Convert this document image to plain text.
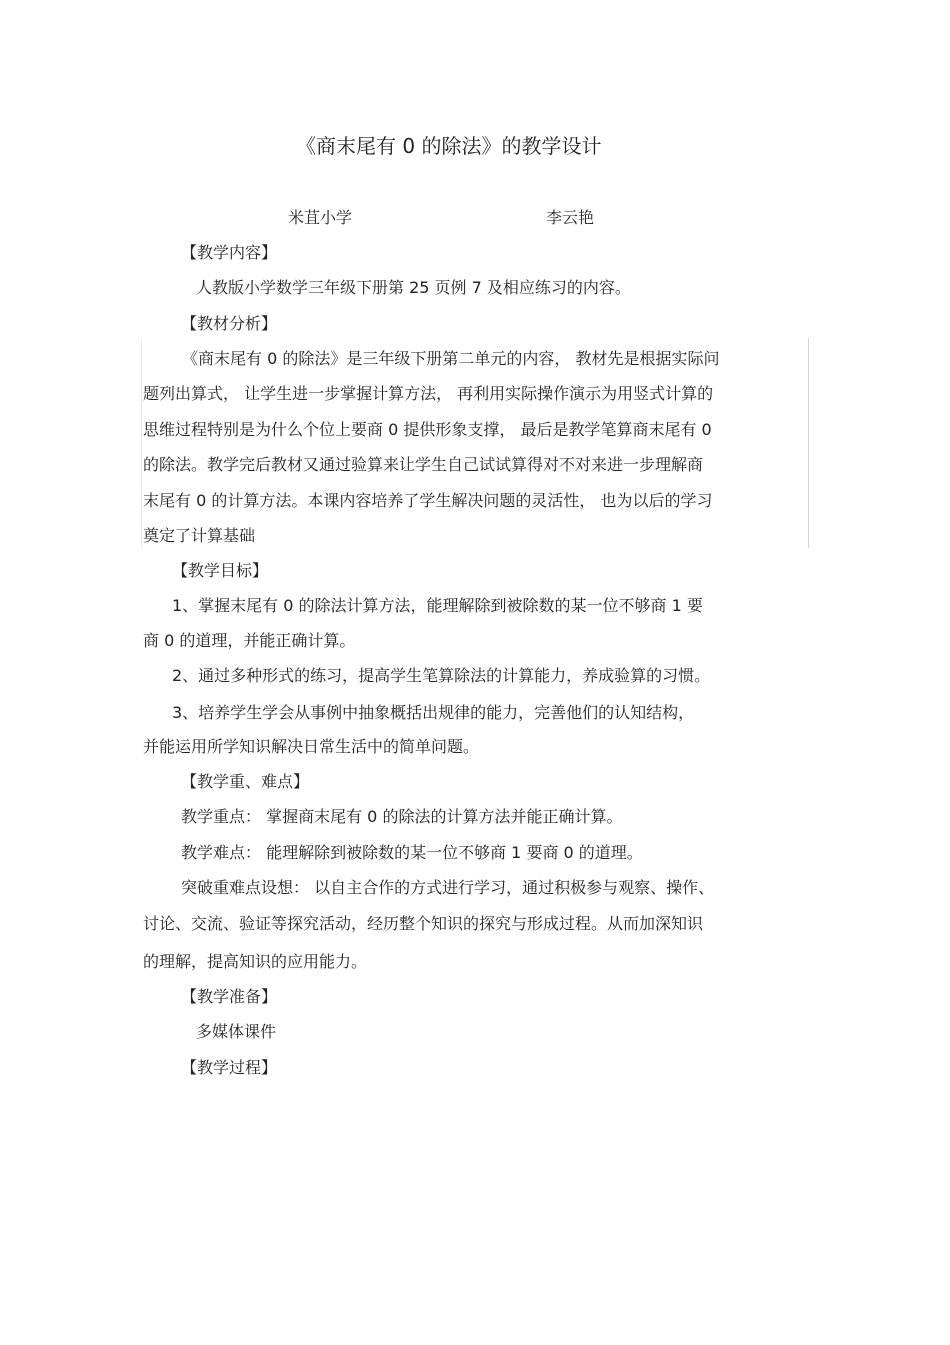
《商末尾有 0 的除法》的教学设计
米苴小学	李云艳
【教学内容】
人教版小学数学三年级下册第 25 页例 7 及相应练习的内容。
【教材分析】
《商末尾有 0 的除法》是三年级下册第二单元的内容， 教材先是根据实际问
题列出算式， 让学生进一步掌握计算方法， 再利用实际操作演示为用竖式计算的
思维过程特别是为什么个位上要商 0 提供形象支撑， 最后是教学笔算商末尾有 0
的除法。教学完后教材又通过验算来让学生自己试试算得对不对来进一步理解商
末尾有 0 的计算方法。本课内容培养了学生解决问题的灵活性， 也为以后的学习
奠定了计算基础
【教学目标】
1、掌握末尾有 0 的除法计算方法，能理解除到被除数的某一位不够商 1 要
商 0 的道理，并能正确计算。
2、通过多种形式的练习，提高学生笔算除法的计算能力，养成验算的习惯。
3、培养学生学会从事例中抽象概括出规律的能力，完善他们的认知结构，
并能运用所学知识解决日常生活中的简单问题。
【教学重、难点】
教学重点： 掌握商末尾有 0 的除法的计算方法并能正确计算。
教学难点： 能理解除到被除数的某一位不够商 1 要商 0 的道理。
突破重难点设想： 以自主合作的方式进行学习，通过积极参与观察、操作、
讨论、交流、验证等探究活动，经历整个知识的探究与形成过程。从而加深知识
的理解，提高知识的应用能力。
【教学准备】
多媒体课件
【教学过程】
